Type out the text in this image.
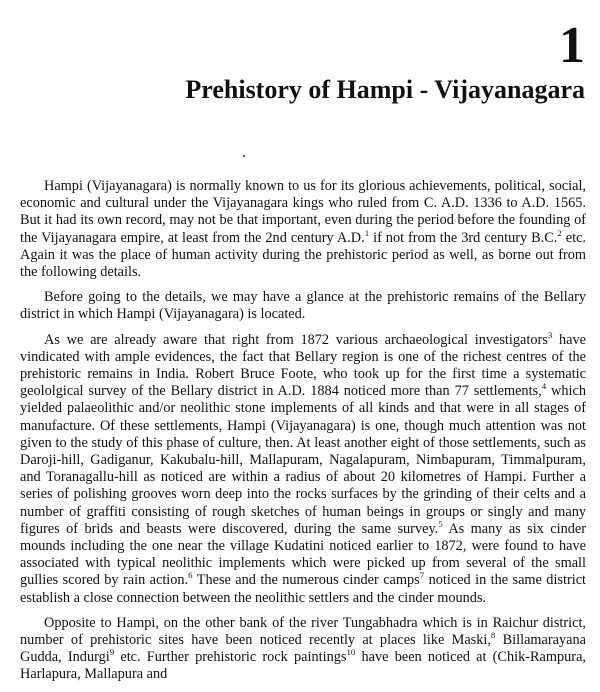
1
Prehistory of Hampi - Vijayanagara

Hampi (Vijayanagara) is normally known to us for its glorious achievements, political, social, economic and cultural under the Vijayanagara kings who ruled from C. A.D. 1336 to A.D. 1565. But it had its own record, may not be that important, even during the period before the founding of the Vijayanagara empire, at least from the 2nd century A.D.$^1$ if not from the 3rd century B.C.$^2$ etc. Again it was the place of human activity during the prehistoric period as well, as borne out from the following details.

Before going to the details, we may have a glance at the prehistoric remains of the Bellary district in which Hampi (Vijayanagara) is located.

As we are already aware that right from 1872 various archaeological investigators$^3$ have vindicated with ample evidences, the fact that Bellary region is one of the richest centres of the prehistoric remains in India. Robert Bruce Foote, who took up for the first time a systematic geololgical survey of the Bellary district in A.D. 1884 noticed more than 77 settlements,$^4$ which yielded palaeolithic and/or neolithic stone implements of all kinds and that were in all stages of manufacture. Of these settlements, Hampi (Vijayanagara) is one, though much attention was not given to the study of this phase of culture, then. At least another eight of those settlements, such as Daroji-hill, Gadiganur, Kakubalu-hill, Mallapuram, Nagalapuram, Nimbapuram, Timmalpuram, and Toranagallu-hill as noticed are within a radius of about 20 kilometres of Hampi. Further a series of polishing grooves worn deep into the rocks surfaces by the grinding of their celts and a number of graffiti consisting of rough sketches of human beings in groups or singly and many figures of brids and beasts were discovered, during the same survey.$^5$ As many as six cinder mounds including the one near the village Kudatini noticed earlier to 1872, were found to have associated with typical neolithic implements which were picked up from several of the small gullies scored by rain action.$^6$ These and the numerous cinder camps$^7$ noticed in the same district establish a close connection between the neolithic settlers and the cinder mounds.

Opposite to Hampi, on the other bank of the river Tungabhadra which is in Raichur district, number of prehistoric sites have been noticed recently at places like Maski,$^8$ Billamarayana Gudda, Indurgi$^9$ etc. Further prehistoric rock paintings$^{10}$ have been noticed at (Chik-Rampura, Harlapura, Mallapura and
